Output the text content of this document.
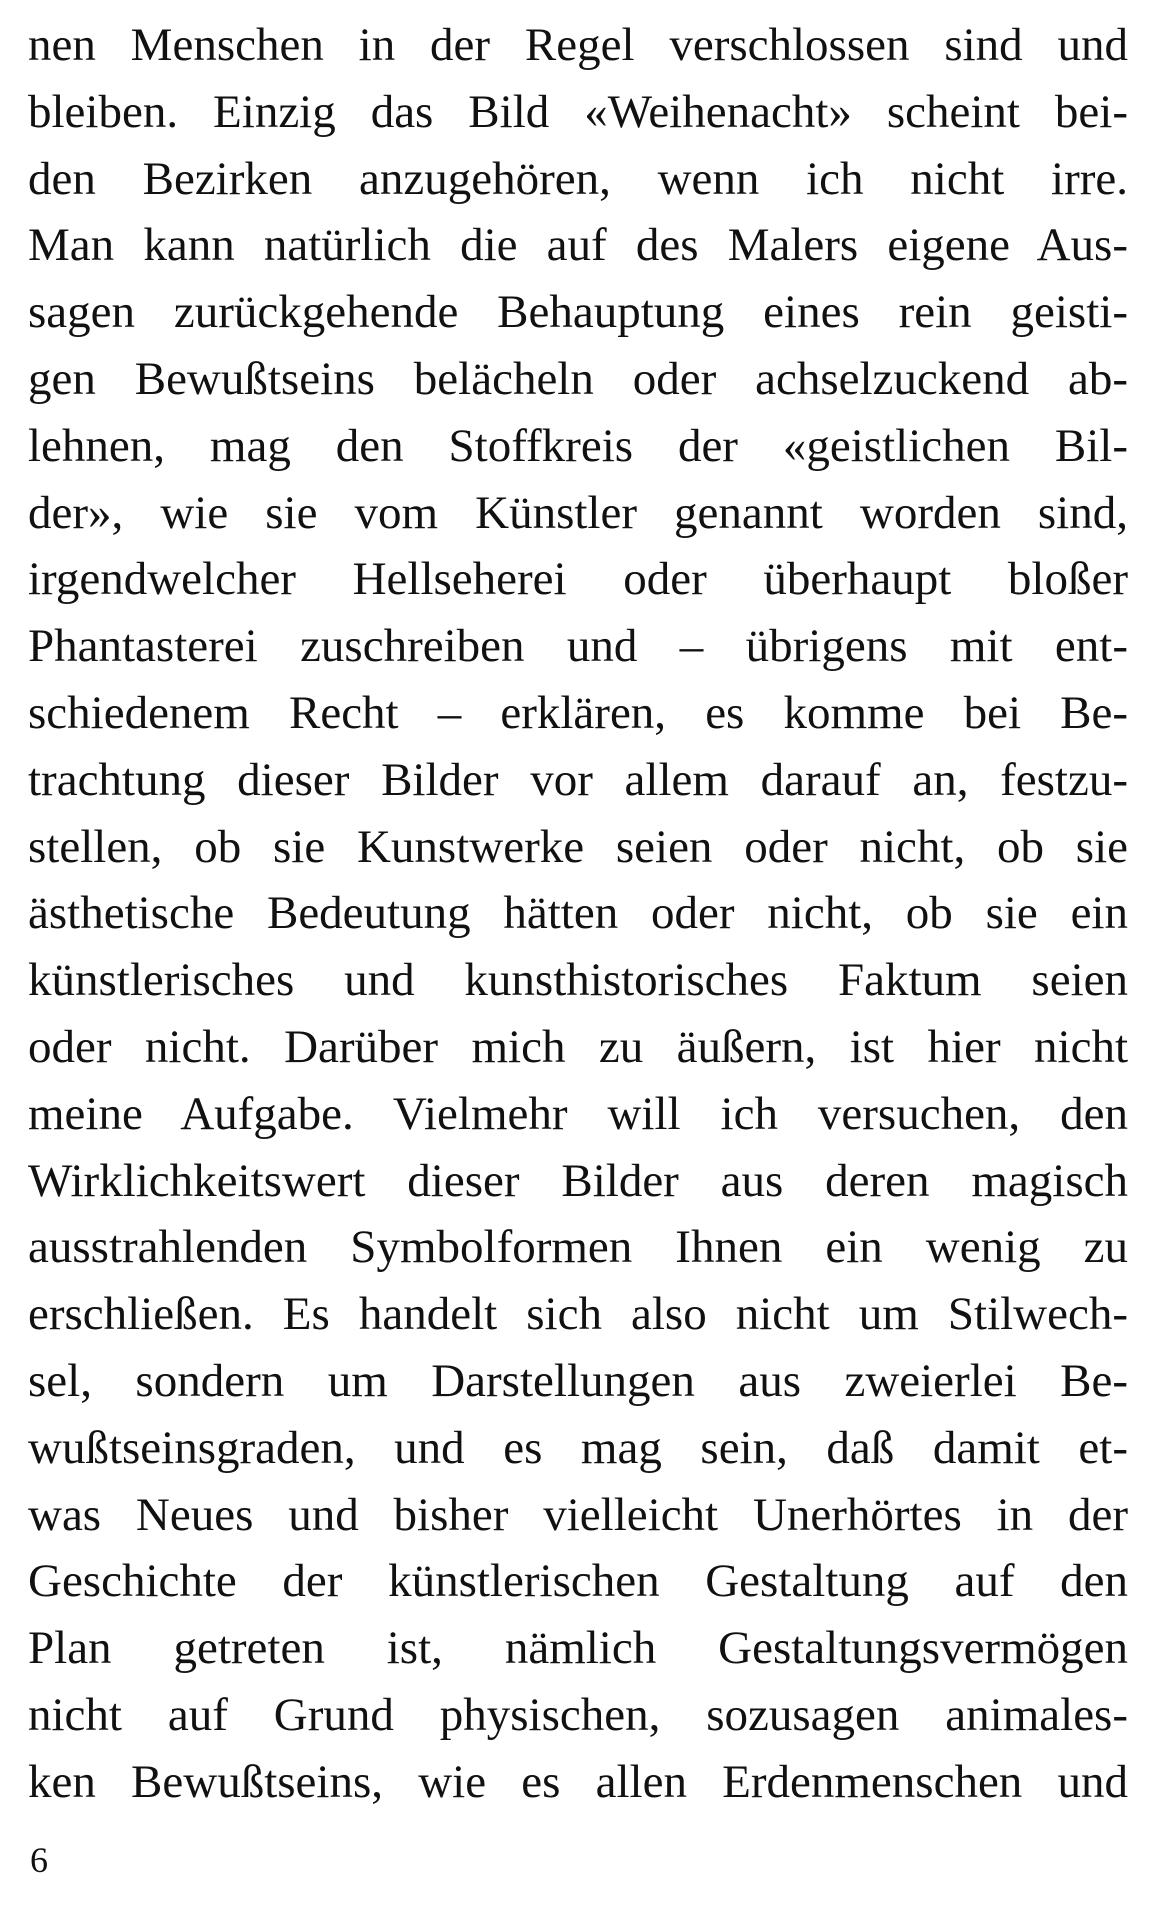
nen Menschen in der Regel verschlossen sind und
bleiben. Einzig das Bild «Weihenacht» scheint bei-
den Bezirken anzugehören, wenn ich nicht irre.
Man kann natürlich die auf des Malers eigene Aus-
sagen zurückgehende Behauptung eines rein geisti-
gen Bewußtseins belächeln oder achselzuckend ab-
lehnen, mag den Stoffkreis der «geistlichen Bil-
der», wie sie vom Künstler genannt worden sind,
irgendwelcher Hellseherei oder überhaupt bloßer
Phantasterei zuschreiben und – übrigens mit ent-
schiedenem Recht – erklären, es komme bei Be-
trachtung dieser Bilder vor allem darauf an, festzu-
stellen, ob sie Kunstwerke seien oder nicht, ob sie
ästhetische Bedeutung hätten oder nicht, ob sie ein
künstlerisches und kunsthistorisches Faktum seien
oder nicht. Darüber mich zu äußern, ist hier nicht
meine Aufgabe. Vielmehr will ich versuchen, den
Wirklichkeitswert dieser Bilder aus deren magisch
ausstrahlenden Symbolformen Ihnen ein wenig zu
erschließen. Es handelt sich also nicht um Stilwech-
sel, sondern um Darstellungen aus zweierlei Be-
wußtseinsgraden, und es mag sein, daß damit et-
was Neues und bisher vielleicht Unerhörtes in der
Geschichte der künstlerischen Gestaltung auf den
Plan getreten ist, nämlich Gestaltungsvermögen
nicht auf Grund physischen, sozusagen animales-
ken Bewußtseins, wie es allen Erdenmenschen und
6
